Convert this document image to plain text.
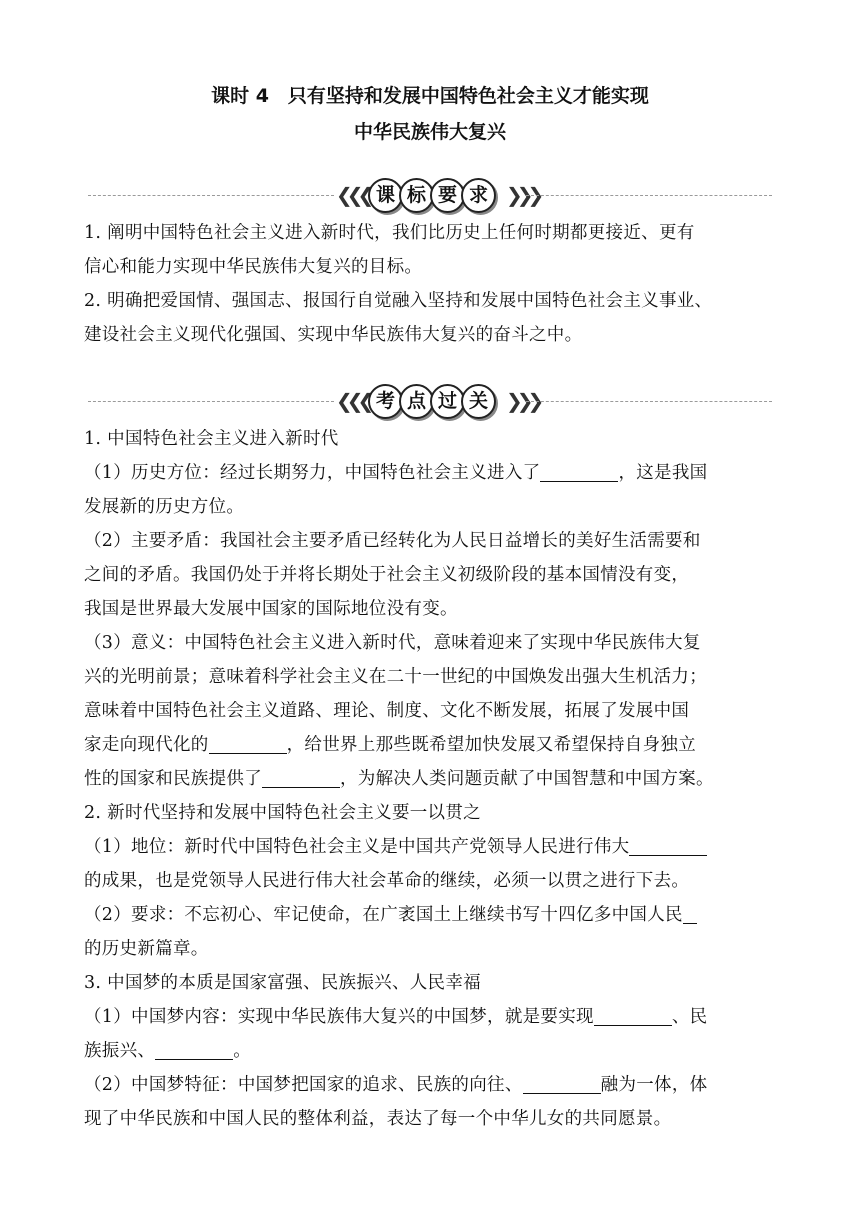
课时 4　只有坚持和发展中国特色社会主义才能实现
中华民族伟大复兴
❮❮❮ 课 标 要 求 ❯❯❯
1. 阐明中国特色社会主义进入新时代，我们比历史上任何时期都更接近、更有
信心和能力实现中华民族伟大复兴的目标。
2. 明确把爱国情、强国志、报国行自觉融入坚持和发展中国特色社会主义事业、
建设社会主义现代化强国、实现中华民族伟大复兴的奋斗之中。
❮❮❮ 考 点 过 关 ❯❯❯
1. 中国特色社会主义进入新时代
（1）历史方位：经过长期努力，中国特色社会主义进入了	，这是我国
发展新的历史方位。
（2）主要矛盾：我国社会主要矛盾已经转化为人民日益增长的美好生活需要和
之间的矛盾。我国仍处于并将长期处于社会主义初级阶段的基本国情没有变，
我国是世界最大发展中国家的国际地位没有变。
（3）意义：中国特色社会主义进入新时代，意味着迎来了实现中华民族伟大复
兴的光明前景；意味着科学社会主义在二十一世纪的中国焕发出强大生机活力；
意味着中国特色社会主义道路、理论、制度、文化不断发展，拓展了发展中国
家走向现代化的	，给世界上那些既希望加快发展又希望保持自身独立
性的国家和民族提供了	，为解决人类问题贡献了中国智慧和中国方案。
2. 新时代坚持和发展中国特色社会主义要一以贯之
（1）地位：新时代中国特色社会主义是中国共产党领导人民进行伟大
的成果，也是党领导人民进行伟大社会革命的继续，必须一以贯之进行下去。
（2）要求：不忘初心、牢记使命，在广袤国土上继续书写十四亿多中国人民
的历史新篇章。
3. 中国梦的本质是国家富强、民族振兴、人民幸福
（1）中国梦内容：实现中华民族伟大复兴的中国梦，就是要实现	、民
族振兴、	。
（2）中国梦特征：中国梦把国家的追求、民族的向往、	融为一体，体
现了中华民族和中国人民的整体利益，表达了每一个中华儿女的共同愿景。
